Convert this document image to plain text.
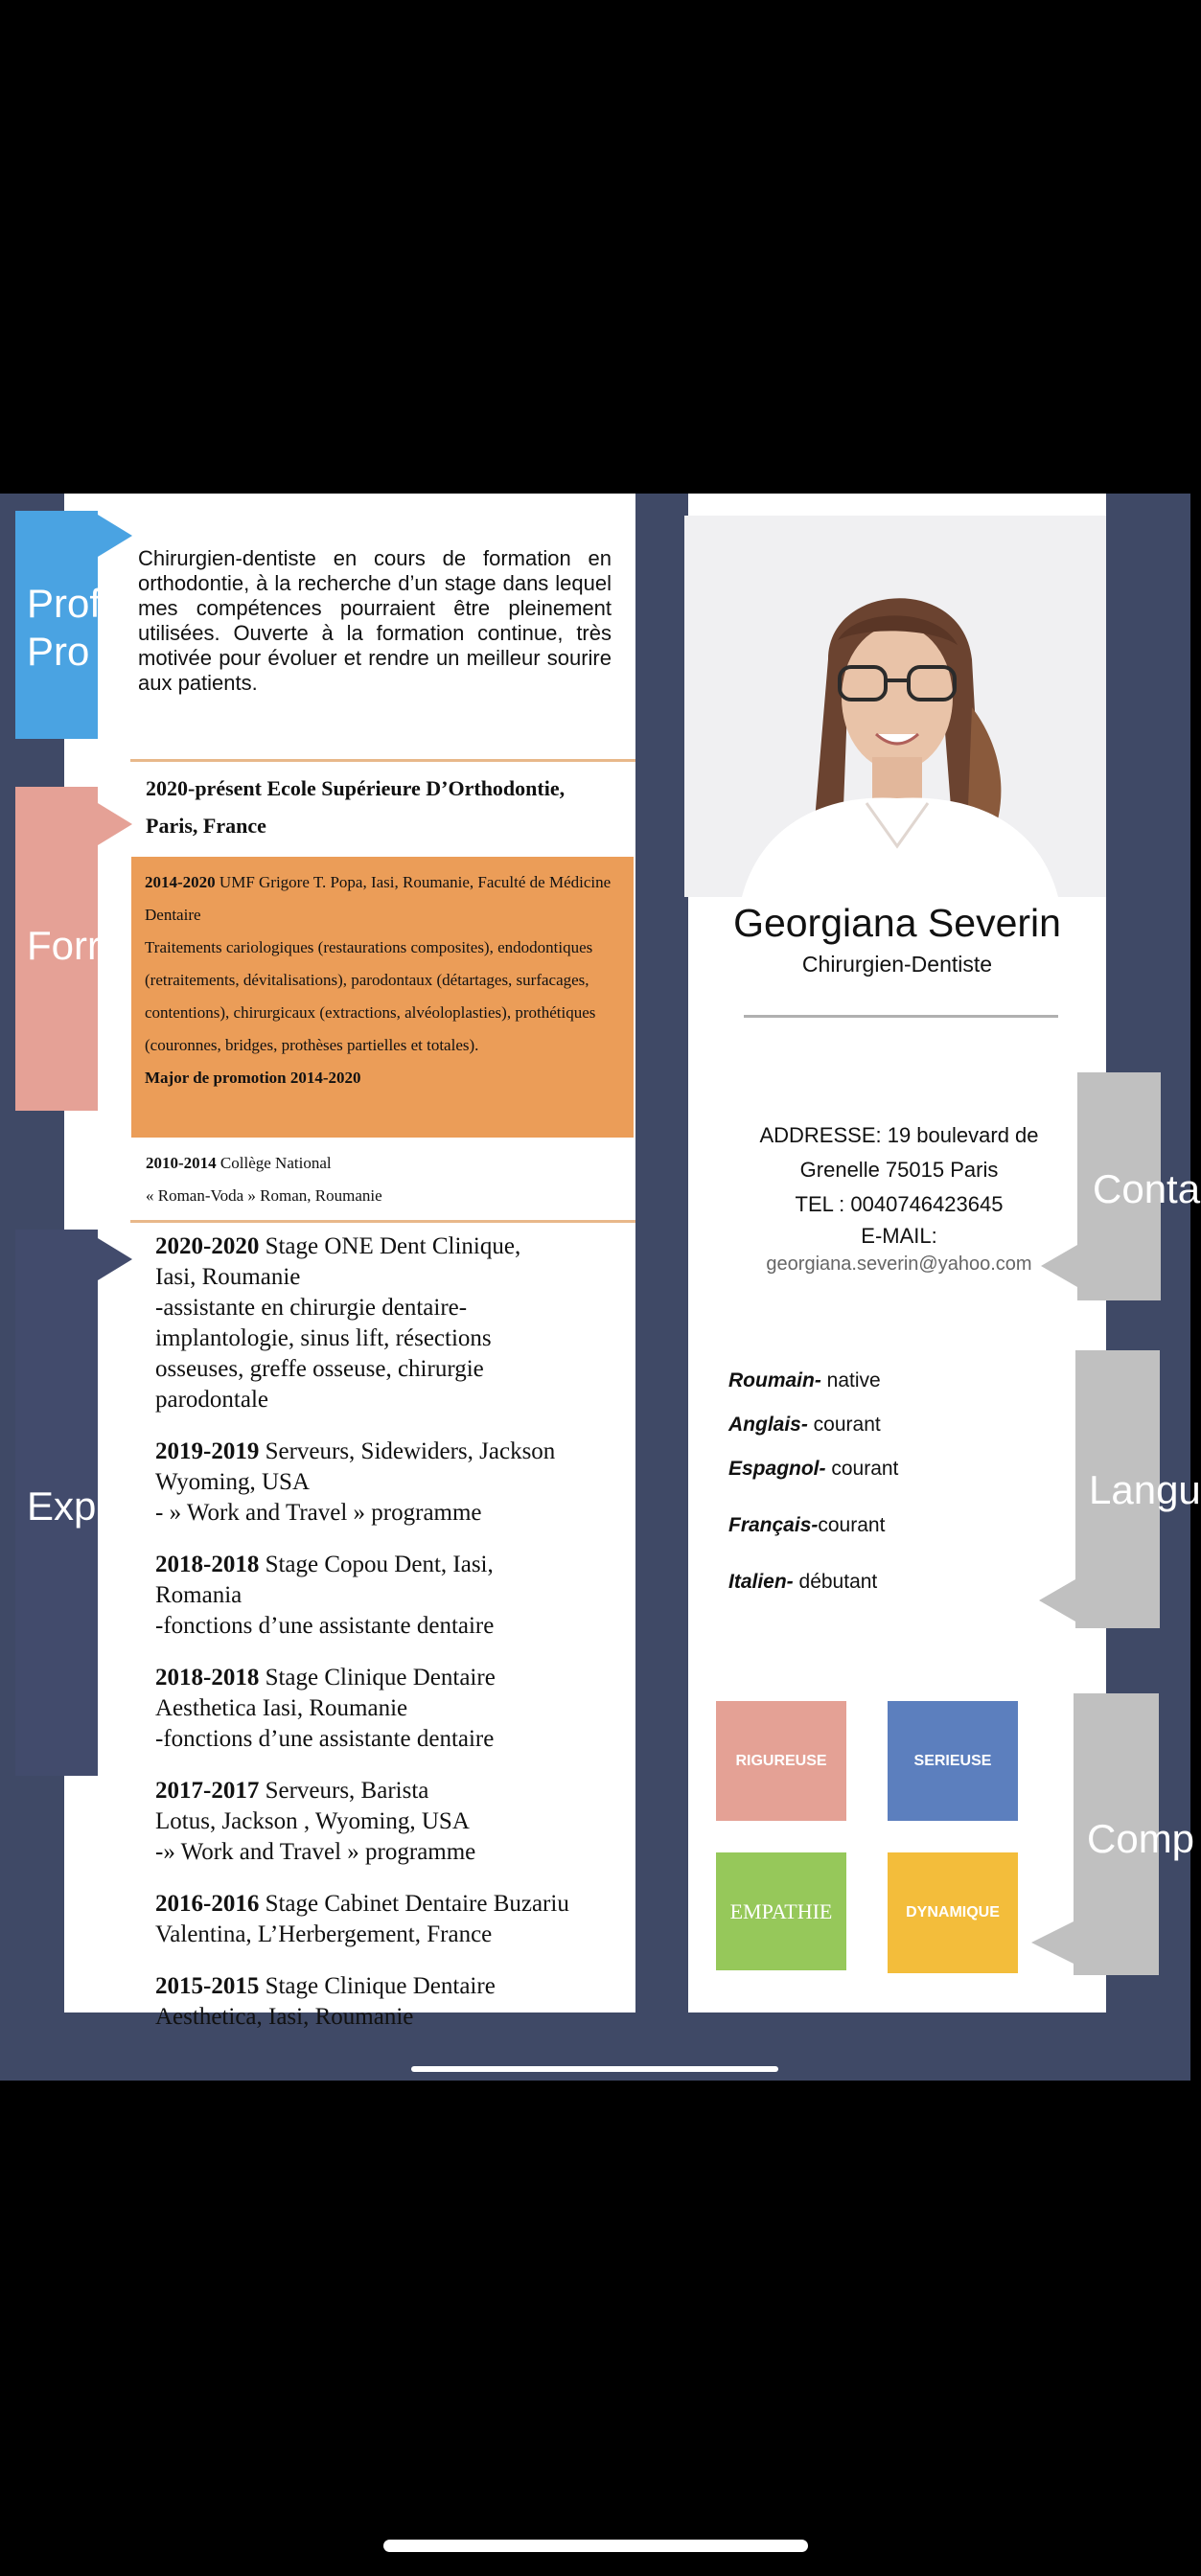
Prof
Pro
Chirurgien-dentiste en cours de formation en orthodontie, à la recherche d’un stage dans lequel mes compétences pourraient être pleinement utilisées. Ouverte à la formation continue, très motivée pour évoluer et rendre un meilleur sourire aux patients.
Forr
2020-présent Ecole Supérieure D’Orthodontie, Paris, France
2014-2020 UMF Grigore T. Popa, Iasi, Roumanie, Faculté de Médicine Dentaire
Traitements cariologiques (restaurations composites), endodontiques (retraitements, dévitalisations), parodontaux (détartages, surfacages, contentions), chirurgicaux (extractions, alvéoloplasties), prothétiques (couronnes, bridges, prothèses partielles et totales).
Major de promotion 2014-2020
2010-2014 Collège National
« Roman-Voda » Roman, Roumanie
Expe
2020-2020 Stage ONE Dent Clinique,
Iasi, Roumanie
-assistante en chirurgie dentaire-
implantologie, sinus lift, résections
osseuses, greffe osseuse, chirurgie
parodontale
2019-2019 Serveurs, Sidewiders, Jackson
Wyoming, USA
- » Work and Travel » programme
2018-2018 Stage Copou Dent, Iasi,
Romania
-fonctions d’une assistante dentaire
2018-2018 Stage Clinique Dentaire
Aesthetica Iasi, Roumanie
-fonctions d’une assistante dentaire
2017-2017 Serveurs, Barista
Lotus, Jackson , Wyoming, USA
-» Work and Travel » programme
2016-2016 Stage Cabinet Dentaire Buzariu
Valentina, L’Herbergement, France
2015-2015 Stage Clinique Dentaire
Aesthetica, Iasi, Roumanie
Georgiana Severin
Chirurgien-Dentiste
Conta
ADDRESSE: 19 boulevard de Grenelle 75015 Paris
TEL : 0040746423645
E-MAIL:
georgiana.severin@yahoo.com
Langu
Roumain- native
Anglais- courant
Espagnol- courant
Français-courant
Italien- débutant
Comp
RIGUREUSE	SERIEUSE
EMPATHIE	DYNAMIQUE
